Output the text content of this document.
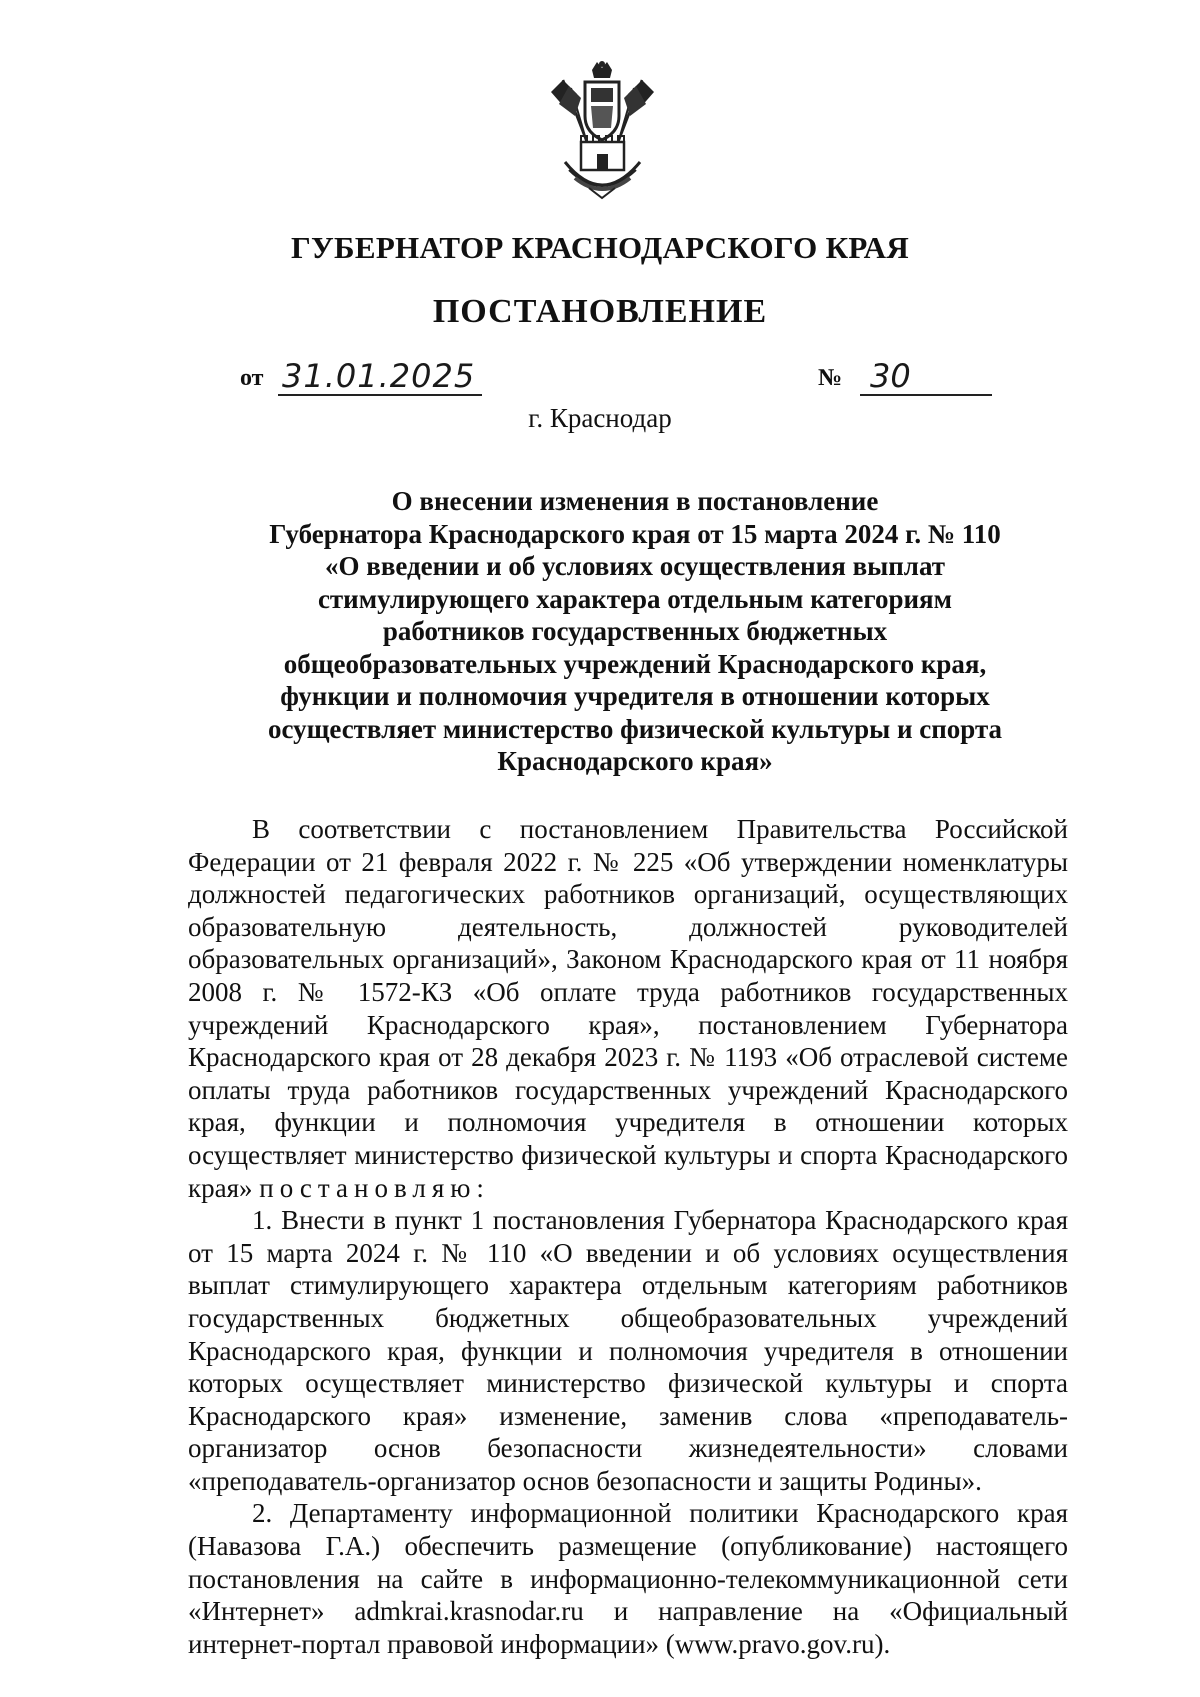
ГУБЕРНАТОР КРАСНОДАРСКОГО КРАЯ
ПОСТАНОВЛЕНИЕ
от 31.01.2025	№ 30
г. Краснодар
О внесении изменения в постановление
Губернатора Краснодарского края от 15 марта 2024 г. № 110
«О введении и об условиях осуществления выплат
стимулирующего характера отдельным категориям
работников государственных бюджетных
общеобразовательных учреждений Краснодарского края,
функции и полномочия учредителя в отношении которых
осуществляет министерство физической культуры и спорта
Краснодарского края»

В соответствии с постановлением Правительства Российской Федерации от 21 февраля 2022 г. № 225 «Об утверждении номенклатуры должностей педагогических работников организаций, осуществляющих образовательную деятельность, должностей руководителей образовательных организаций», Законом Краснодарского края от 11 ноября 2008 г. № 1572-КЗ «Об оплате труда работников государственных учреждений Краснодарского края», постановлением Губернатора Краснодарского края от 28 декабря 2023 г. № 1193 «Об отраслевой системе оплаты труда работников государственных учреждений Краснодарского края, функции и полномочия учредителя в отношении которых осуществляет министерство физической культуры и спорта Краснодарского края» постановляю:

1. Внести в пункт 1 постановления Губернатора Краснодарского края от 15 марта 2024 г. № 110 «О введении и об условиях осуществления выплат стимулирующего характера отдельным категориям работников государственных бюджетных общеобразовательных учреждений Краснодарского края, функции и полномочия учредителя в отношении которых осуществляет министерство физической культуры и спорта Краснодарского края» изменение, заменив слова «преподаватель-организатор основ безопасности жизнедеятельности» словами «преподаватель-организатор основ безопасности и защиты Родины».

2. Департаменту информационной политики Краснодарского края (Навазова Г.А.) обеспечить размещение (опубликование) настоящего постановления на сайте в информационно-телекоммуникационной сети «Интернет» admkrai.krasnodar.ru и направление на «Официальный интернет-портал правовой информации» (www.pravo.gov.ru).
